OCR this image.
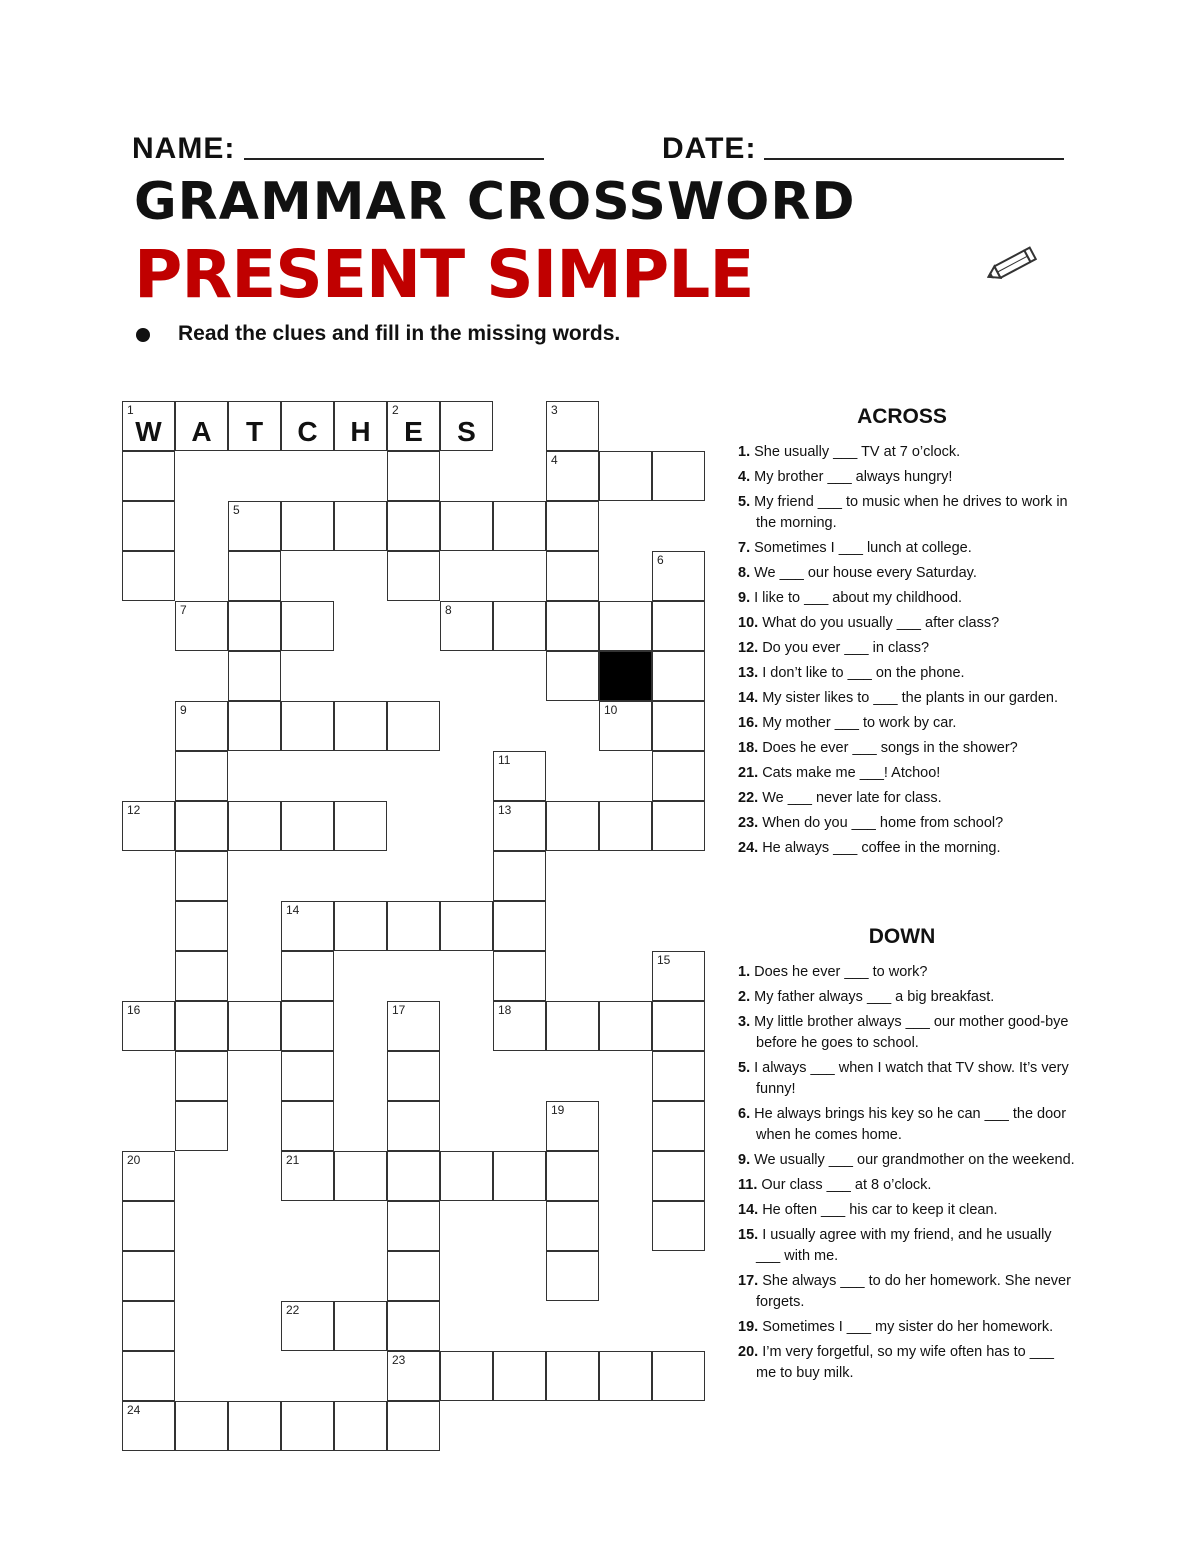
NAME:	DATE:
GRAMMAR CROSSWORD
PRESENT SIMPLE
Read the clues and fill in the missing words.
1
W	A	T	C	H
2
E	S
3
4
5
6
7	8
9	10
11
12	13
14
15
16	17	18
19
20	21
22
23
24
ACROSS
1. She usually ___ TV at 7 o’clock.
4. My brother ___ always hungry!
5. My friend ___ to music when he drives to work in the morning.
7. Sometimes I ___ lunch at college.
8. We ___ our house every Saturday.
9. I like to ___ about my childhood.
10. What do you usually ___ after class?
12. Do you ever ___ in class?
13. I don’t like to ___ on the phone.
14. My sister likes to ___ the plants in our garden.
16. My mother ___ to work by car.
18. Does he ever ___ songs in the shower?
21. Cats make me ___! Atchoo!
22. We ___ never late for class.
23. When do you ___ home from school?
24. He always ___ coffee in the morning.
DOWN
1. Does he ever ___ to work?
2. My father always ___ a big breakfast.
3. My little brother always ___ our mother good-bye before he goes to school.
5. I always ___ when I watch that TV show. It’s very funny!
6. He always brings his key so he can ___ the door when he comes home.
9. We usually ___ our grandmother on the weekend.
11. Our class ___ at 8 o’clock.
14. He often ___ his car to keep it clean.
15. I usually agree with my friend, and he usually ___ with me.
17. She always ___ to do her homework. She never forgets.
19. Sometimes I ___ my sister do her homework.
20. I’m very forgetful, so my wife often has to ___ me to buy milk.
